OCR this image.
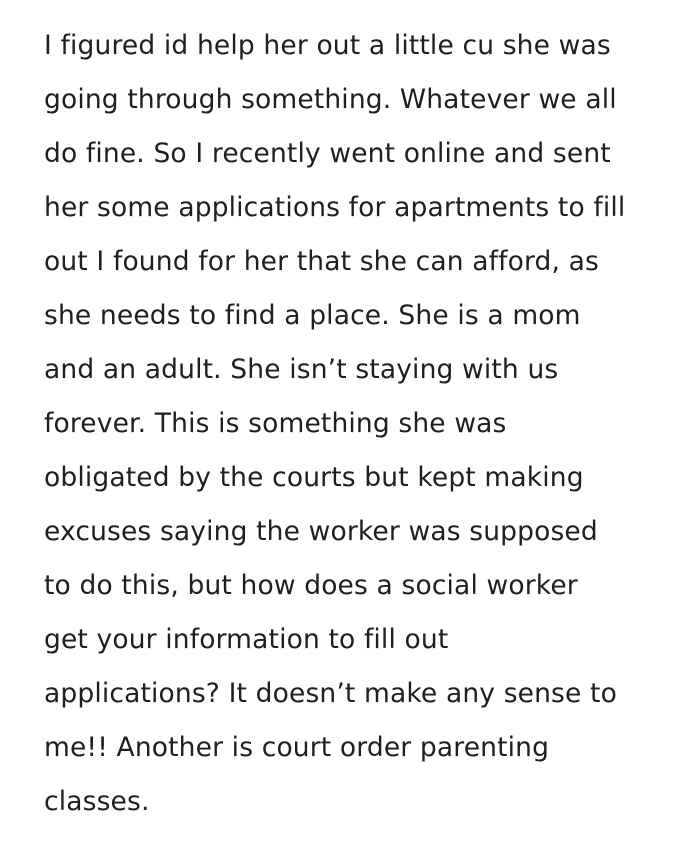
I figured id help her out a little cu she was
going through something. Whatever we all
do fine. So I recently went online and sent
her some applications for apartments to fill
out I found for her that she can afford, as
she needs to find a place. She is a mom
and an adult. She isn’t staying with us
forever. This is something she was
obligated by the courts but kept making
excuses saying the worker was supposed
to do this, but how does a social worker
get your information to fill out
applications? It doesn’t make any sense to
me!! Another is court order parenting
classes.
